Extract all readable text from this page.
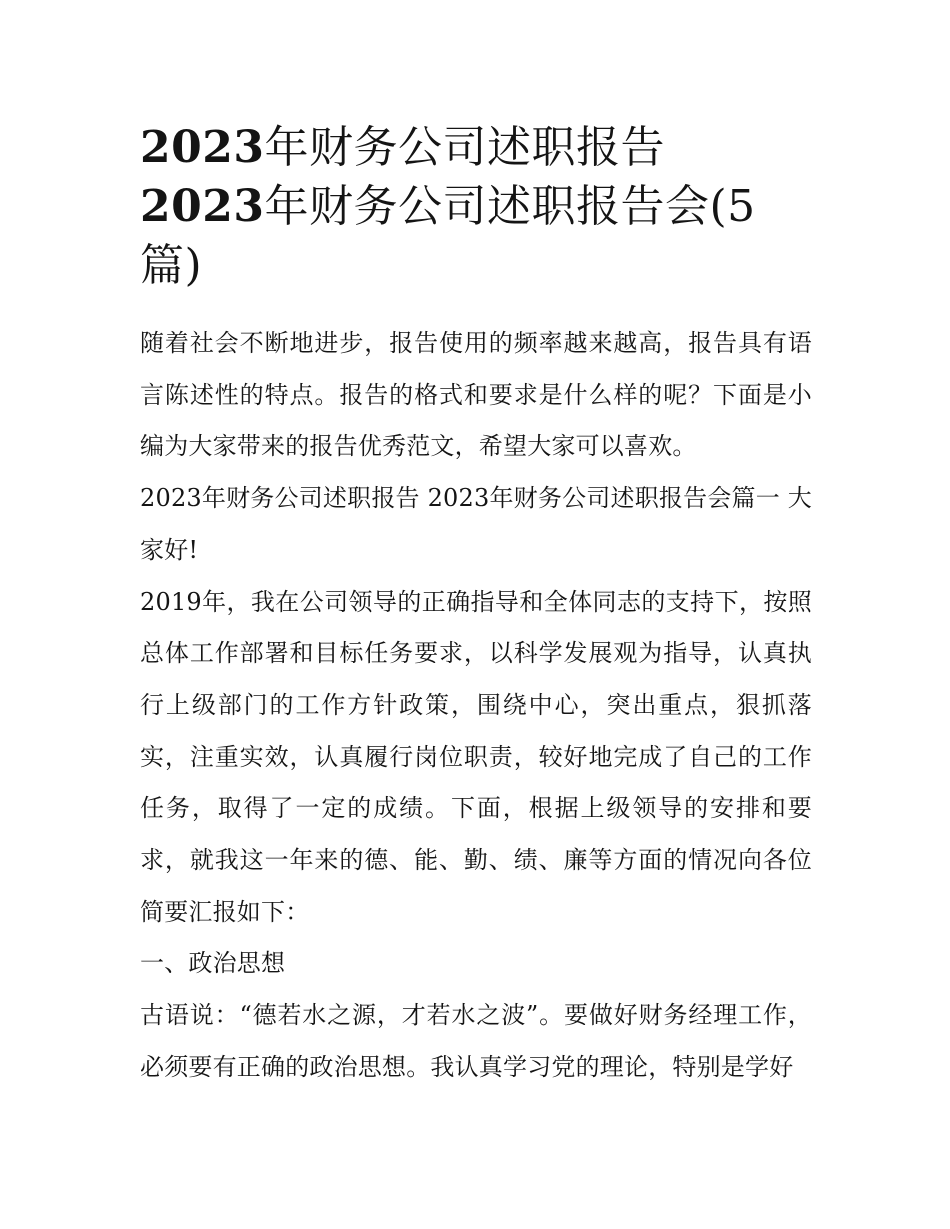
2023年财务公司述职报告
2023年财务公司述职报告会(5
篇)

随着社会不断地进步，报告使用的频率越来越高，报告具有语言陈述性的特点。报告的格式和要求是什么样的呢？下面是小编为大家带来的报告优秀范文，希望大家可以喜欢。

2023年财务公司述职报告 2023年财务公司述职报告会篇一 大家好!

2019年，我在公司领导的正确指导和全体同志的支持下，按照总体工作部署和目标任务要求，以科学发展观为指导，认真执行上级部门的工作方针政策，围绕中心，突出重点，狠抓落实，注重实效，认真履行岗位职责，较好地完成了自己的工作任务，取得了一定的成绩。下面，根据上级领导的安排和要求，就我这一年来的德、能、勤、绩、廉等方面的情况向各位简要汇报如下：

一、政治思想

古语说：“德若水之源，才若水之波”。要做好财务经理工作，必须要有正确的政治思想。我认真学习党的理论，特别是学好
